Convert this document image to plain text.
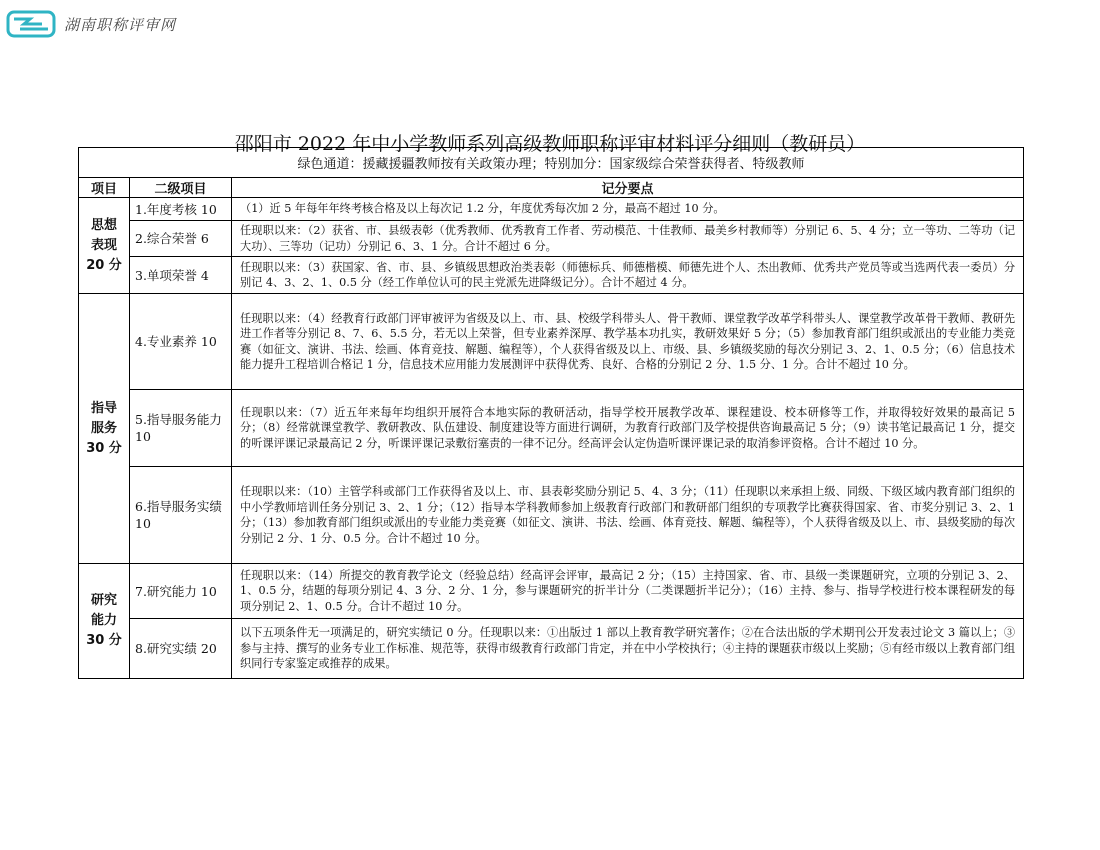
湖南职称评审网
邵阳市 2022 年中小学教师系列高级教师职称评审材料评分细则（教研员）
绿色通道：援藏援疆教师按有关政策办理；特别加分：国家级综合荣誉获得者、特级教师		
项目	二级项目	记分要点

思想表现
20 分	1.年度考核 10	（1）近 5 年每年年终考核合格及以上每次记 1.2 分，年度优秀每次加 2 分，最高不超过 10 分。

	2.综合荣誉 6	任现职以来：（2）获省、市、县级表彰（优秀教师、优秀教育工作者、劳动模范、十佳教师、最美乡村教师等）分别记 6、5、4 分；立一等功、二等功（记大功）、三等功（记功）分别记 6、3、1 分。合计不超过 6 分。

	3.单项荣誉 4	任现职以来：（3）获国家、省、市、县、乡镇级思想政治类表彰（师德标兵、师德楷模、师德先进个人、杰出教师、优秀共产党员等或当选两代表一委员）分别记 4、3、2、1、0.5 分（经工作单位认可的民主党派先进降级记分）。合计不超过 4 分。

指导服务
30 分	4.专业素养 10	任现职以来：（4）经教育行政部门评审被评为省级及以上、市、县、校级学科带头人、骨干教师、课堂教学改革学科带头人、课堂教学改革骨干教师、教研先进工作者等分别记 8、7、6、5.5 分，若无以上荣誉，但专业素养深厚、教学基本功扎实，教研效果好 5 分；（5）参加教育部门组织或派出的专业能力类竞赛（如征文、演讲、书法、绘画、体育竞技、解题、编程等），个人获得省级及以上、市级、县、乡镇级奖励的每次分别记 3、2、1、0.5 分；（6）信息技术能力提升工程培训合格记 1 分，信息技术应用能力发展测评中获得优秀、良好、合格的分别记 2 分、1.5 分、1 分。合计不超过 10 分。

	5.指导服务能力 10	任现职以来：（7）近五年来每年均组织开展符合本地实际的教研活动，指导学校开展教学改革、课程建设、校本研修等工作，并取得较好效果的最高记 5 分；（8）经常就课堂教学、教研教改、队伍建设、制度建设等方面进行调研，为教育行政部门及学校提供咨询最高记 5 分；（9）读书笔记最高记 1 分，提交的听课评课记录最高记 2 分，听课评课记录敷衍塞责的一律不记分。经高评会认定伪造听课评课记录的取消参评资格。合计不超过 10 分。

	6.指导服务实绩 10	任现职以来：（10）主管学科或部门工作获得省及以上、市、县表彰奖励分别记 5、4、3 分；（11）任现职以来承担上级、同级、下级区域内教育部门组织的中小学教师培训任务分别记 3、2、1 分；（12）指导本学科教师参加上级教育行政部门和教研部门组织的专项教学比赛获得国家、省、市奖分别记 3、2、1 分；（13）参加教育部门组织或派出的专业能力类竞赛（如征文、演讲、书法、绘画、体育竞技、解题、编程等），个人获得省级及以上、市、县级奖励的每次分别记 2 分、1 分、0.5 分。合计不超过 10 分。

研究能力
30 分	7.研究能力 10	任现职以来：（14）所提交的教育教学论文（经验总结）经高评会评审，最高记 2 分；（15）主持国家、省、市、县级一类课题研究，立项的分别记 3、2、1、0.5 分，结题的每项分别记 4、3 分、2 分、1 分，参与课题研究的折半计分（二类课题折半记分）；（16）主持、参与、指导学校进行校本课程研发的每项分别记 2、1、0.5 分。合计不超过 10 分。

	8.研究实绩 20	以下五项条件无一项满足的，研究实绩记 0 分。任现职以来：①出版过 1 部以上教育教学研究著作；②在合法出版的学术期刊公开发表过论文 3 篇以上；③参与主持、撰写的业务专业工作标准、规范等，获得市级教育行政部门肯定，并在中小学校执行；④主持的课题获市级以上奖励；⑤有经市级以上教育部门组织同行专家鉴定或推荐的成果。
